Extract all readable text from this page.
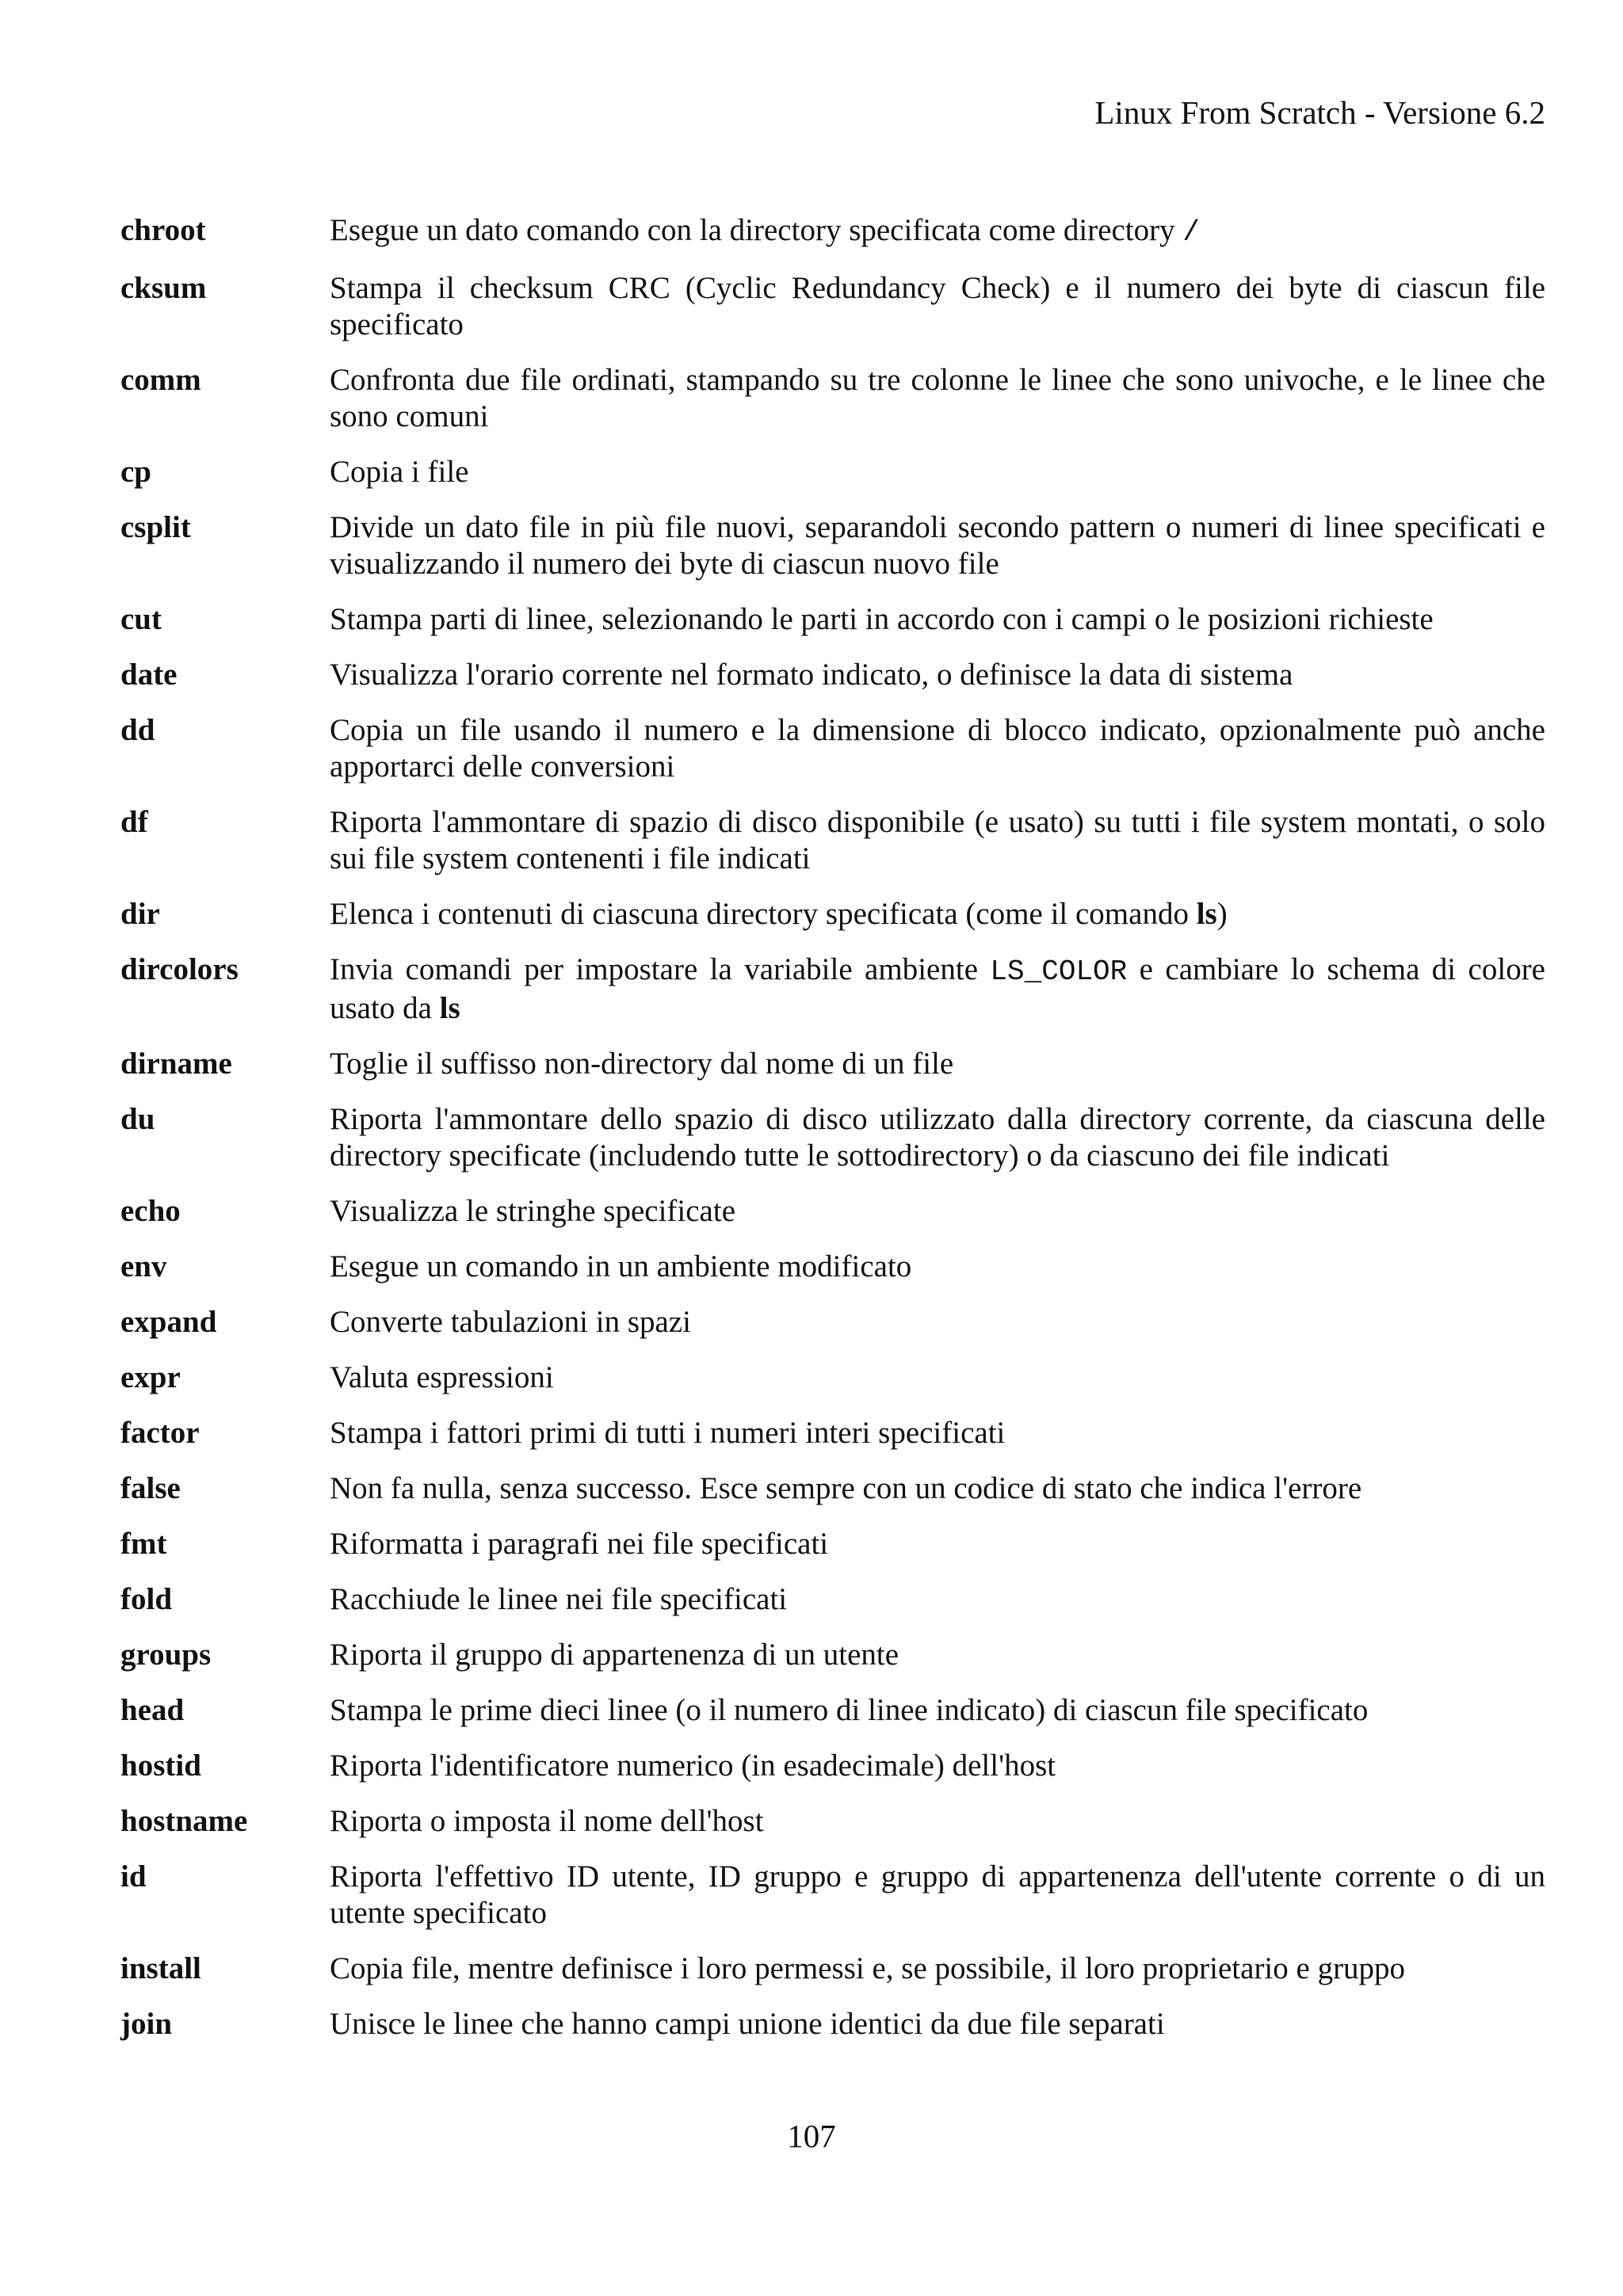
Linux From Scratch - Versione 6.2
chroot	Esegue un dato comando con la directory specificata come directory /
cksum	Stampa il checksum CRC (Cyclic Redundancy Check) e il numero dei byte di ciascun file specificato
comm	Confronta due file ordinati, stampando su tre colonne le linee che sono univoche, e le linee che sono comuni
cp	Copia i file
csplit	Divide un dato file in più file nuovi, separandoli secondo pattern o numeri di linee specificati e visualizzando il numero dei byte di ciascun nuovo file
cut	Stampa parti di linee, selezionando le parti in accordo con i campi o le posizioni richieste
date	Visualizza l'orario corrente nel formato indicato, o definisce la data di sistema
dd	Copia un file usando il numero e la dimensione di blocco indicato, opzionalmente può anche apportarci delle conversioni
df	Riporta l'ammontare di spazio di disco disponibile (e usato) su tutti i file system montati, o solo sui file system contenenti i file indicati
dir	Elenca i contenuti di ciascuna directory specificata (come il comando ls)
dircolors	Invia comandi per impostare la variabile ambiente LS_COLOR e cambiare lo schema di colore usato da ls
dirname	Toglie il suffisso non-directory dal nome di un file
du	Riporta l'ammontare dello spazio di disco utilizzato dalla directory corrente, da ciascuna delle directory specificate (includendo tutte le sottodirectory) o da ciascuno dei file indicati
echo	Visualizza le stringhe specificate
env	Esegue un comando in un ambiente modificato
expand	Converte tabulazioni in spazi
expr	Valuta espressioni
factor	Stampa i fattori primi di tutti i numeri interi specificati
false	Non fa nulla, senza successo. Esce sempre con un codice di stato che indica l'errore
fmt	Riformatta i paragrafi nei file specificati
fold	Racchiude le linee nei file specificati
groups	Riporta il gruppo di appartenenza di un utente
head	Stampa le prime dieci linee (o il numero di linee indicato) di ciascun file specificato
hostid	Riporta l'identificatore numerico (in esadecimale) dell'host
hostname	Riporta o imposta il nome dell'host
id	Riporta l'effettivo ID utente, ID gruppo e gruppo di appartenenza dell'utente corrente o di un utente specificato
install	Copia file, mentre definisce i loro permessi e, se possibile, il loro proprietario e gruppo
join	Unisce le linee che hanno campi unione identici da due file separati
107
